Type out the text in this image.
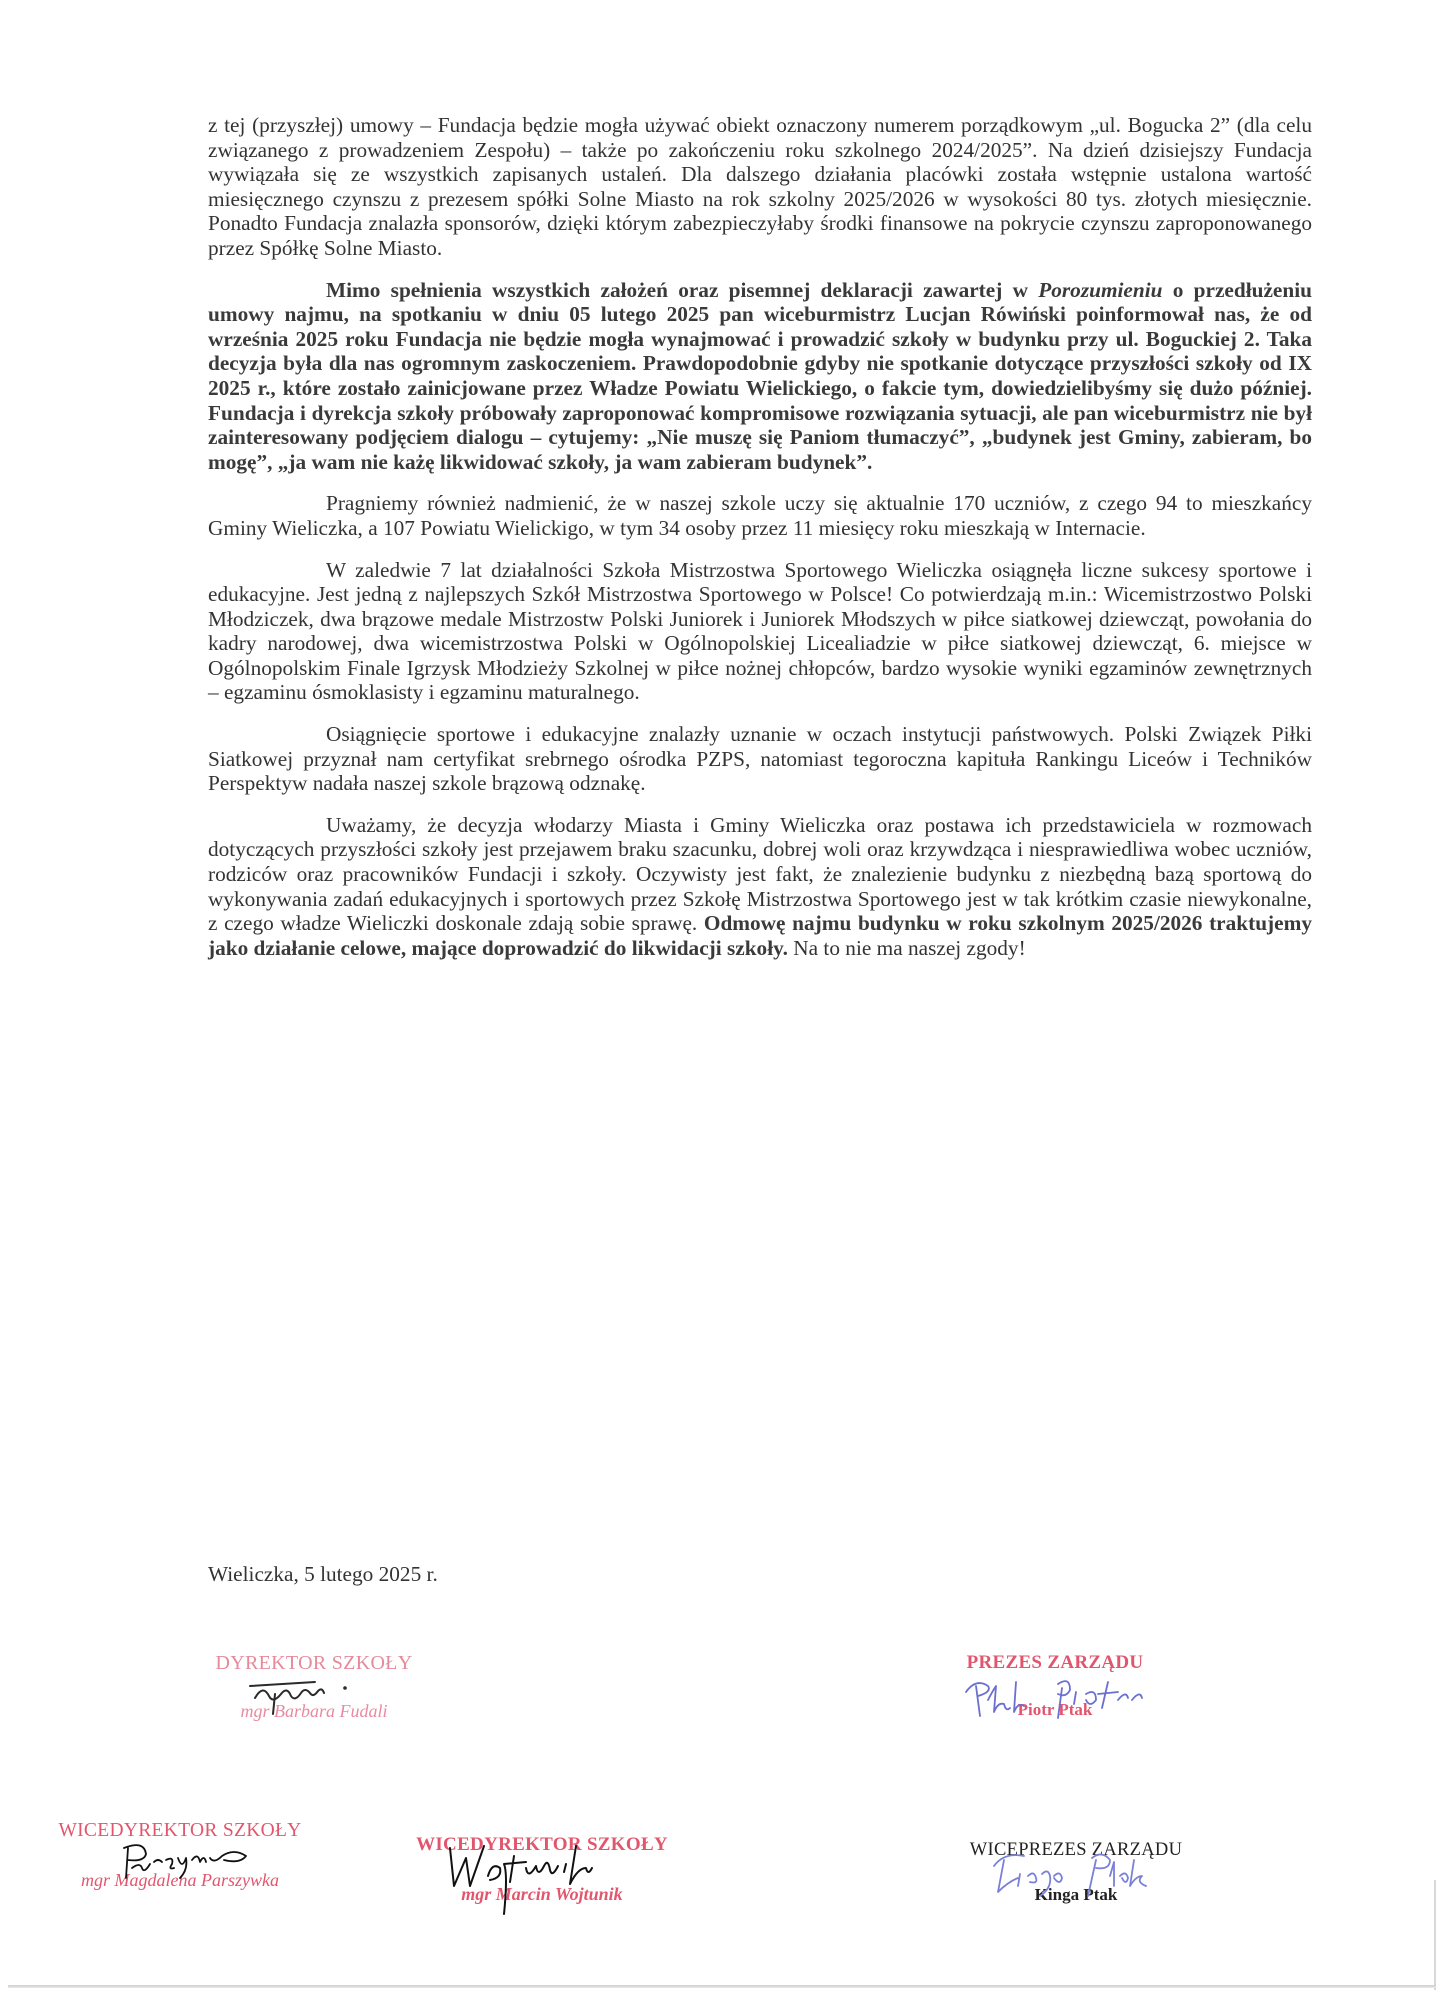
z tej (przyszłej) umowy – Fundacja będzie mogła używać obiekt oznaczony numerem porządkowym „ul. Bogucka 2” (dla celu związanego z prowadzeniem Zespołu) – także po zakończeniu roku szkolnego 2024/2025”. Na dzień dzisiejszy Fundacja wywiązała się ze wszystkich zapisanych ustaleń. Dla dalszego działania placówki została wstępnie ustalona wartość miesięcznego czynszu z prezesem spółki Solne Miasto na rok szkolny 2025/2026 w wysokości 80 tys. złotych miesięcznie. Ponadto Fundacja znalazła sponsorów, dzięki którym zabezpieczyłaby środki finansowe na pokrycie czynszu zaproponowanego przez Spółkę Solne Miasto.

Mimo spełnienia wszystkich założeń oraz pisemnej deklaracji zawartej w Porozumieniu o przedłużeniu umowy najmu, na spotkaniu w dniu 05 lutego 2025 pan wiceburmistrz Lucjan Rówiński poinformował nas, że od września 2025 roku Fundacja nie będzie mogła wynajmować i prowadzić szkoły w budynku przy ul. Boguckiej 2. Taka decyzja była dla nas ogromnym zaskoczeniem. Prawdopodobnie gdyby nie spotkanie dotyczące przyszłości szkoły od IX 2025 r., które zostało zainicjowane przez Władze Powiatu Wielickiego, o fakcie tym, dowiedzielibyśmy się dużo później. Fundacja i dyrekcja szkoły próbowały zaproponować kompromisowe rozwiązania sytuacji, ale pan wiceburmistrz nie był zainteresowany podjęciem dialogu – cytujemy: „Nie muszę się Paniom tłumaczyć”, „budynek jest Gminy, zabieram, bo mogę”, „ja wam nie każę likwidować szkoły, ja wam zabieram budynek”.

Pragniemy również nadmienić, że w naszej szkole uczy się aktualnie 170 uczniów, z czego 94 to mieszkańcy Gminy Wieliczka, a 107 Powiatu Wielickigo, w tym 34 osoby przez 11 miesięcy roku mieszkają w Internacie.

W zaledwie 7 lat działalności Szkoła Mistrzostwa Sportowego Wieliczka osiągnęła liczne sukcesy sportowe i edukacyjne. Jest jedną z najlepszych Szkół Mistrzostwa Sportowego w Polsce! Co potwierdzają m.in.: Wicemistrzostwo Polski Młodziczek, dwa brązowe medale Mistrzostw Polski Juniorek i Juniorek Młodszych w piłce siatkowej dziewcząt, powołania do kadry narodowej, dwa wicemistrzostwa Polski w Ogólnopolskiej Licealiadzie w piłce siatkowej dziewcząt, 6. miejsce w Ogólnopolskim Finale Igrzysk Młodzieży Szkolnej w piłce nożnej chłopców, bardzo wysokie wyniki egzaminów zewnętrznych – egzaminu ósmoklasisty i egzaminu maturalnego.

Osiągnięcie sportowe i edukacyjne znalazły uznanie w oczach instytucji państwowych. Polski Związek Piłki Siatkowej przyznał nam certyfikat srebrnego ośrodka PZPS, natomiast tegoroczna kapituła Rankingu Liceów i Techników Perspektyw nadała naszej szkole brązową odznakę.

Uważamy, że decyzja włodarzy Miasta i Gminy Wieliczka oraz postawa ich przedstawiciela w rozmowach dotyczących przyszłości szkoły jest przejawem braku szacunku, dobrej woli oraz krzywdząca i niesprawiedliwa wobec uczniów, rodziców oraz pracowników Fundacji i szkoły. Oczywisty jest fakt, że znalezienie budynku z niezbędną bazą sportową do wykonywania zadań edukacyjnych i sportowych przez Szkołę Mistrzostwa Sportowego jest w tak krótkim czasie niewykonalne, z czego władze Wieliczki doskonale zdają sobie sprawę. Odmowę najmu budynku w roku szkolnym 2025/2026 traktujemy jako działanie celowe, mające doprowadzić do likwidacji szkoły. Na to nie ma naszej zgody!

Wieliczka, 5 lutego 2025 r.
DYREKTOR SZKOŁY
mgr Barbara Fudali
PREZES ZARZĄDU
Piotr Ptak
WICEDYREKTOR SZKOŁY
mgr Magdalena Parszywka
WICEDYREKTOR SZKOŁY
mgr Marcin Wojtunik
WICEPREZES ZARZĄDU
Kinga Ptak
